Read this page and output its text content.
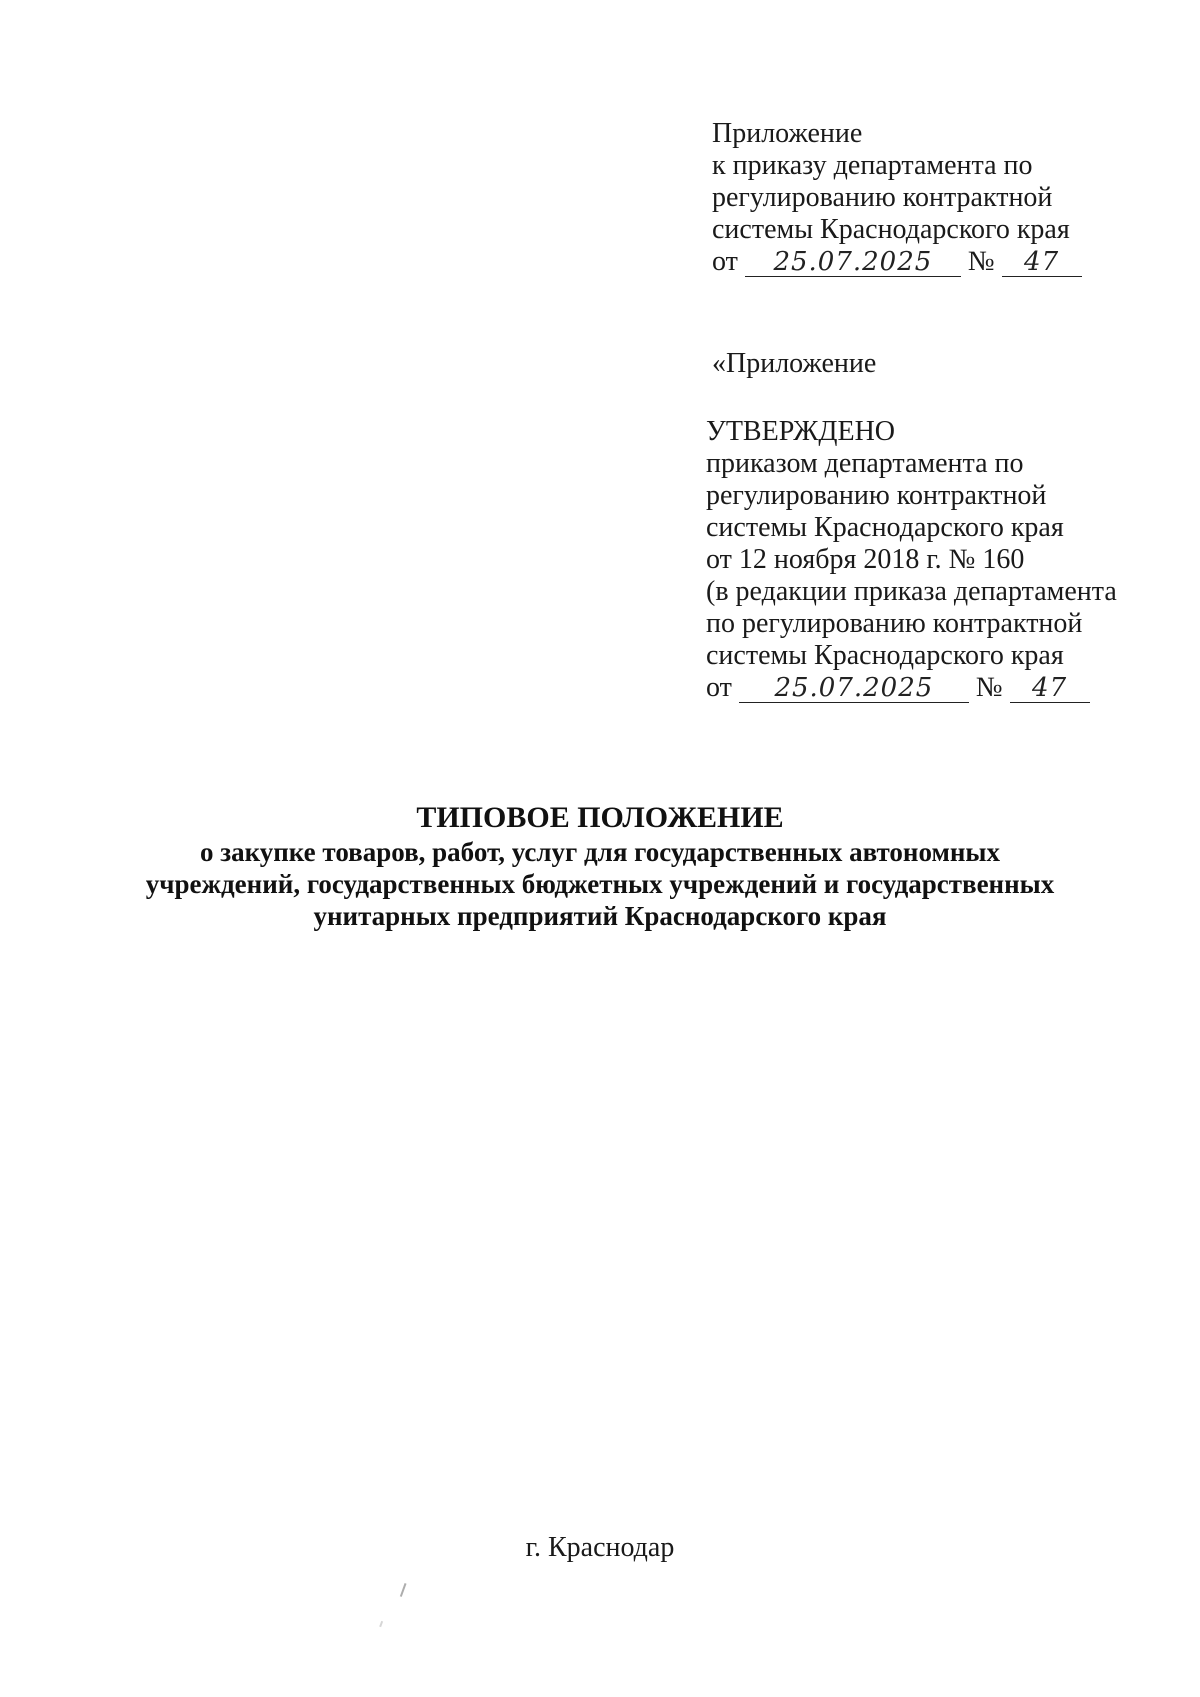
Приложение
к приказу департамента по
регулированию контрактной
системы Краснодарского края
от 25.07.2025 № 47
«Приложение
УТВЕРЖДЕНО
приказом департамента по
регулированию контрактной
системы Краснодарского края
от 12 ноября 2018 г. № 160
(в редакции приказа департамента
по регулированию контрактной
системы Краснодарского края
от 25.07.2025 № 47
ТИПОВОЕ ПОЛОЖЕНИЕ
о закупке товаров, работ, услуг для государственных автономных
учреждений, государственных бюджетных учреждений и государственных
унитарных предприятий Краснодарского края
г. Краснодар
